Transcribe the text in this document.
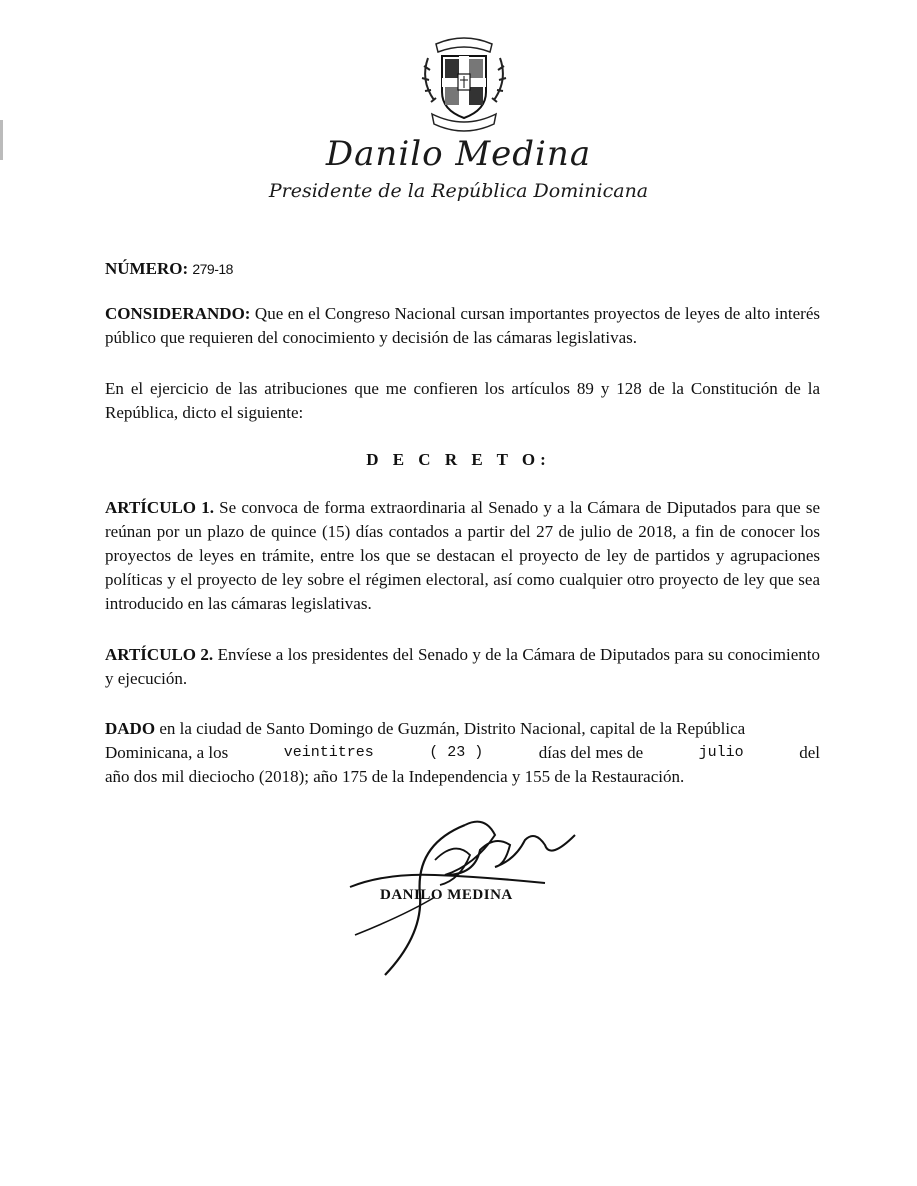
Danilo Medina
Presidente de la República Dominicana
NÚMERO: 279-18
CONSIDERANDO: Que en el Congreso Nacional cursan importantes proyectos de leyes de alto interés público que requieren del conocimiento y decisión de las cámaras legislativas.
En el ejercicio de las atribuciones que me confieren los artículos 89 y 128 de la Constitución de la República, dicto el siguiente:
D E C R E T O:
ARTÍCULO 1. Se convoca de forma extraordinaria al Senado y a la Cámara de Diputados para que se reúnan por un plazo de quince (15) días contados a partir del 27 de julio de 2018, a fin de conocer los proyectos de leyes en trámite, entre los que se destacan el proyecto de ley de partidos y agrupaciones políticas y el proyecto de ley sobre el régimen electoral, así como cualquier otro proyecto de ley que sea introducido en las cámaras legislativas.
ARTÍCULO 2. Envíese a los presidentes del Senado y de la Cámara de Diputados para su conocimiento y ejecución.
DADO en la ciudad de Santo Domingo de Guzmán, Distrito Nacional, capital de la República
Dominicana, a los	veintitres	( 23 )	días del mes de	julio	del
año dos mil dieciocho (2018); año 175 de la Independencia y 155 de la Restauración.
DANILO MEDINA
